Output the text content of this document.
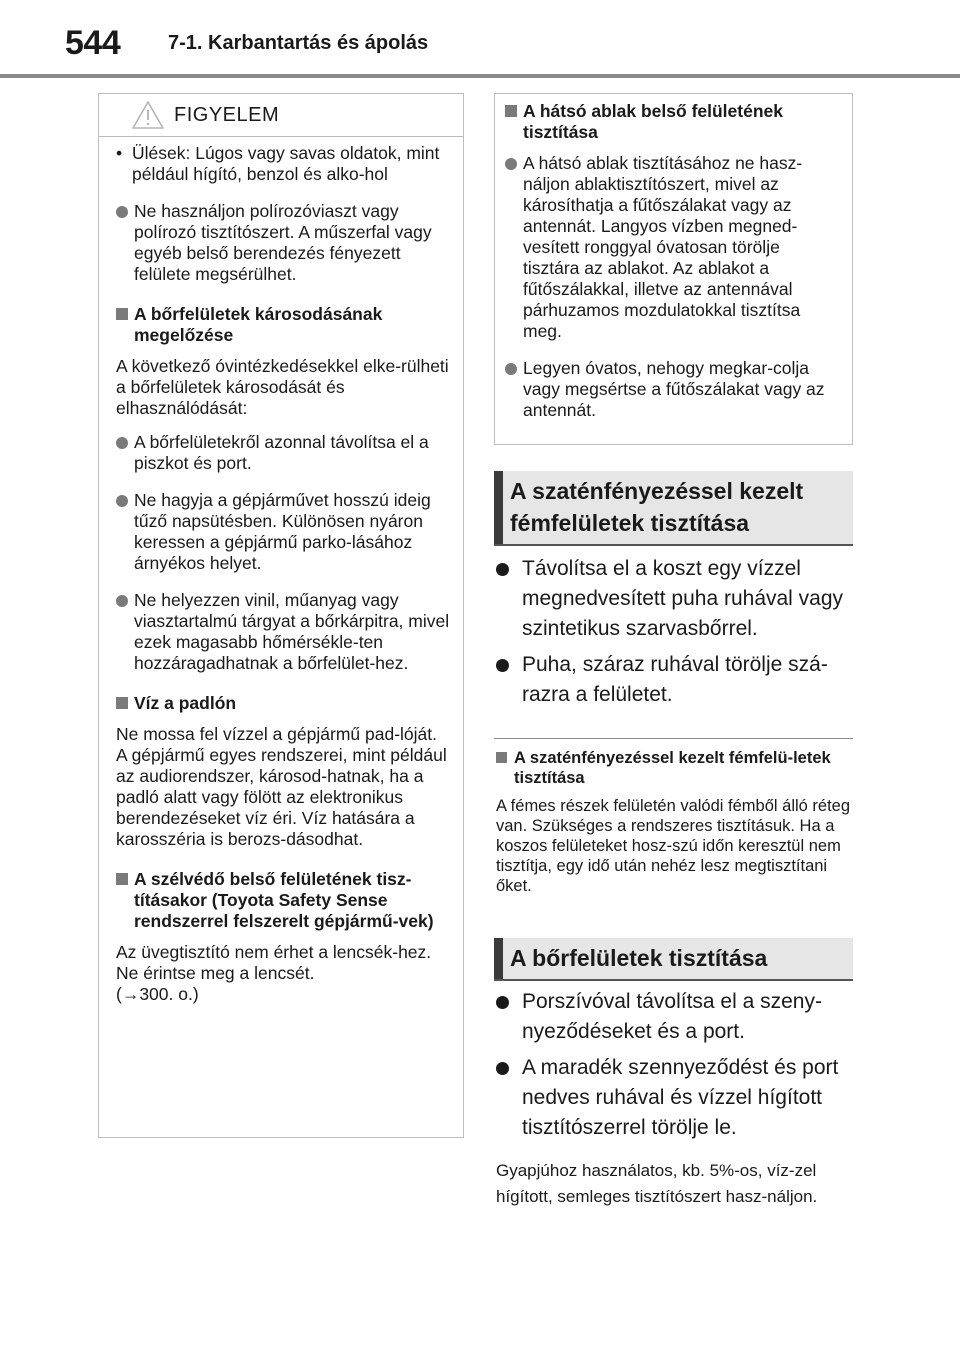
544 7-1. Karbantartás és ápolás
FIGYELEM
• Ülések: Lúgos vagy savas oldatok, mint például hígító, benzol és alko-hol

Ne használjon polírozóviaszt vagy polírozó tisztítószert. A műszerfal vagy egyéb belső berendezés fényezett felülete megsérülhet.

A bőrfelületek károsodásának megelőzése

A következő óvintézkedésekkel elke-rülheti a bőrfelületek károsodását és elhasználódását:

A bőrfelületekről azonnal távolítsa el a piszkot és port.

Ne hagyja a gépjárművet hosszú ideig tűző napsütésben. Különösen nyáron keressen a gépjármű parko-lásához árnyékos helyet.

Ne helyezzen vinil, műanyag vagy viasztartalmú tárgyat a bőrkárpitra, mivel ezek magasabb hőmérsékle-ten hozzáragadhatnak a bőrfelület-hez.

Víz a padlón

Ne mossa fel vízzel a gépjármű pad-lóját.

A gépjármű egyes rendszerei, mint például az audiorendszer, károsod-hatnak, ha a padló alatt vagy fölött az elektronikus berendezéseket víz éri. Víz hatására a karosszéria is berozs-dásodhat.

A szélvédő belső felületének tisz-tításakor (Toyota Safety Sense rendszerrel felszerelt gépjármű-vek)

Az üvegtisztító nem érhet a lencsék-hez. Ne érintse meg a lencsét.

(→300. o.)

A hátsó ablak belső felületének tisztítása

A hátsó ablak tisztításához ne hasz-náljon ablaktisztítószert, mivel az károsíthatja a fűtőszálakat vagy az antennát. Langyos vízben megned-vesített ronggyal óvatosan törölje tisztára az ablakot. Az ablakot a fűtőszálakkal, illetve az antennával párhuzamos mozdulatokkal tisztítsa meg.

Legyen óvatos, nehogy megkar-colja vagy megsértse a fűtőszálakat vagy az antennát.

A szaténfényezéssel kezelt
fémfelületek tisztítása

Távolítsa el a koszt egy vízzel megnedvesített puha ruhával vagy szintetikus szarvasbőrrel.

Puha, száraz ruhával törölje szá-razra a felületet.

A szaténfényezéssel kezelt fémfelü-letek tisztítása

A fémes részek felületén valódi fémből álló réteg van. Szükséges a rendszeres tisztításuk. Ha a koszos felületeket hosz-szú időn keresztül nem tisztítja, egy idő után nehéz lesz megtisztítani őket.

A bőrfelületek tisztítása

Porszívóval távolítsa el a szeny-nyeződéseket és a port.

A maradék szennyeződést és port nedves ruhával és vízzel hígított tisztítószerrel törölje le.

Gyapjúhoz használatos, kb. 5%-os, víz-zel hígított, semleges tisztítószert hasz-náljon.
